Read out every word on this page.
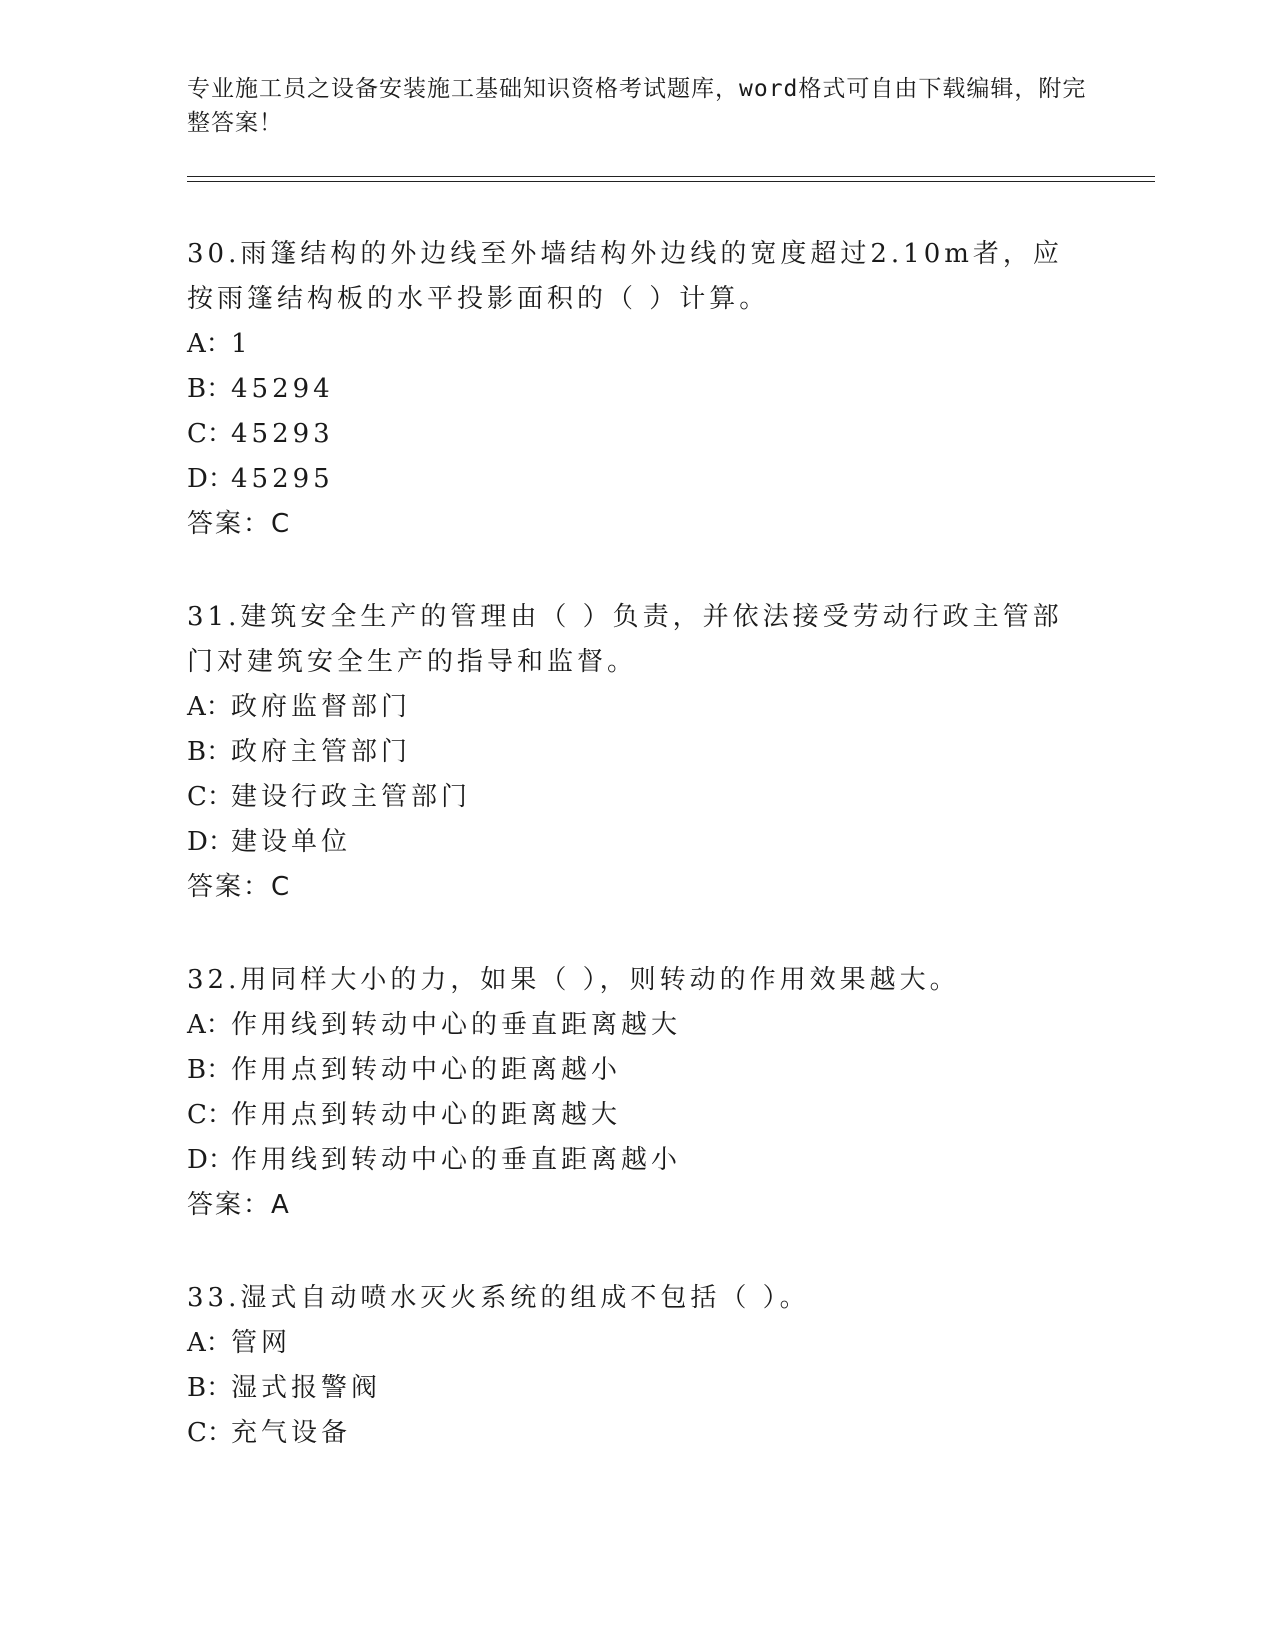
专业施工员之设备安装施工基础知识资格考试题库，word格式可自由下载编辑，附完整答案！

30.雨篷结构的外边线至外墙结构外边线的宽度超过2.10m者，应按雨篷结构板的水平投影面积的（ ）计算。

A： 1
B：
45294
C：
45293
D：
45295
答案：C

31.建筑安全生产的管理由（ ）负责，并依法接受劳动行政主管部门对建筑安全生产的指导和监督。

A： 政府监督部门
B：
政府主管部门
C：
建设行政主管部门
D：
建设单位
答案：C

32.用同样大小的力，如果（ ），则转动的作用效果越大。

A： 作用线到转动中心的垂直距离越大
B：
作用点到转动中心的距离越小
C：
作用点到转动中心的距离越大
D：
作用线到转动中心的垂直距离越小
答案：A

33.湿式自动喷水灭火系统的组成不包括（ ）。

A： 管网
B：
湿式报警阀
C：
充气设备
